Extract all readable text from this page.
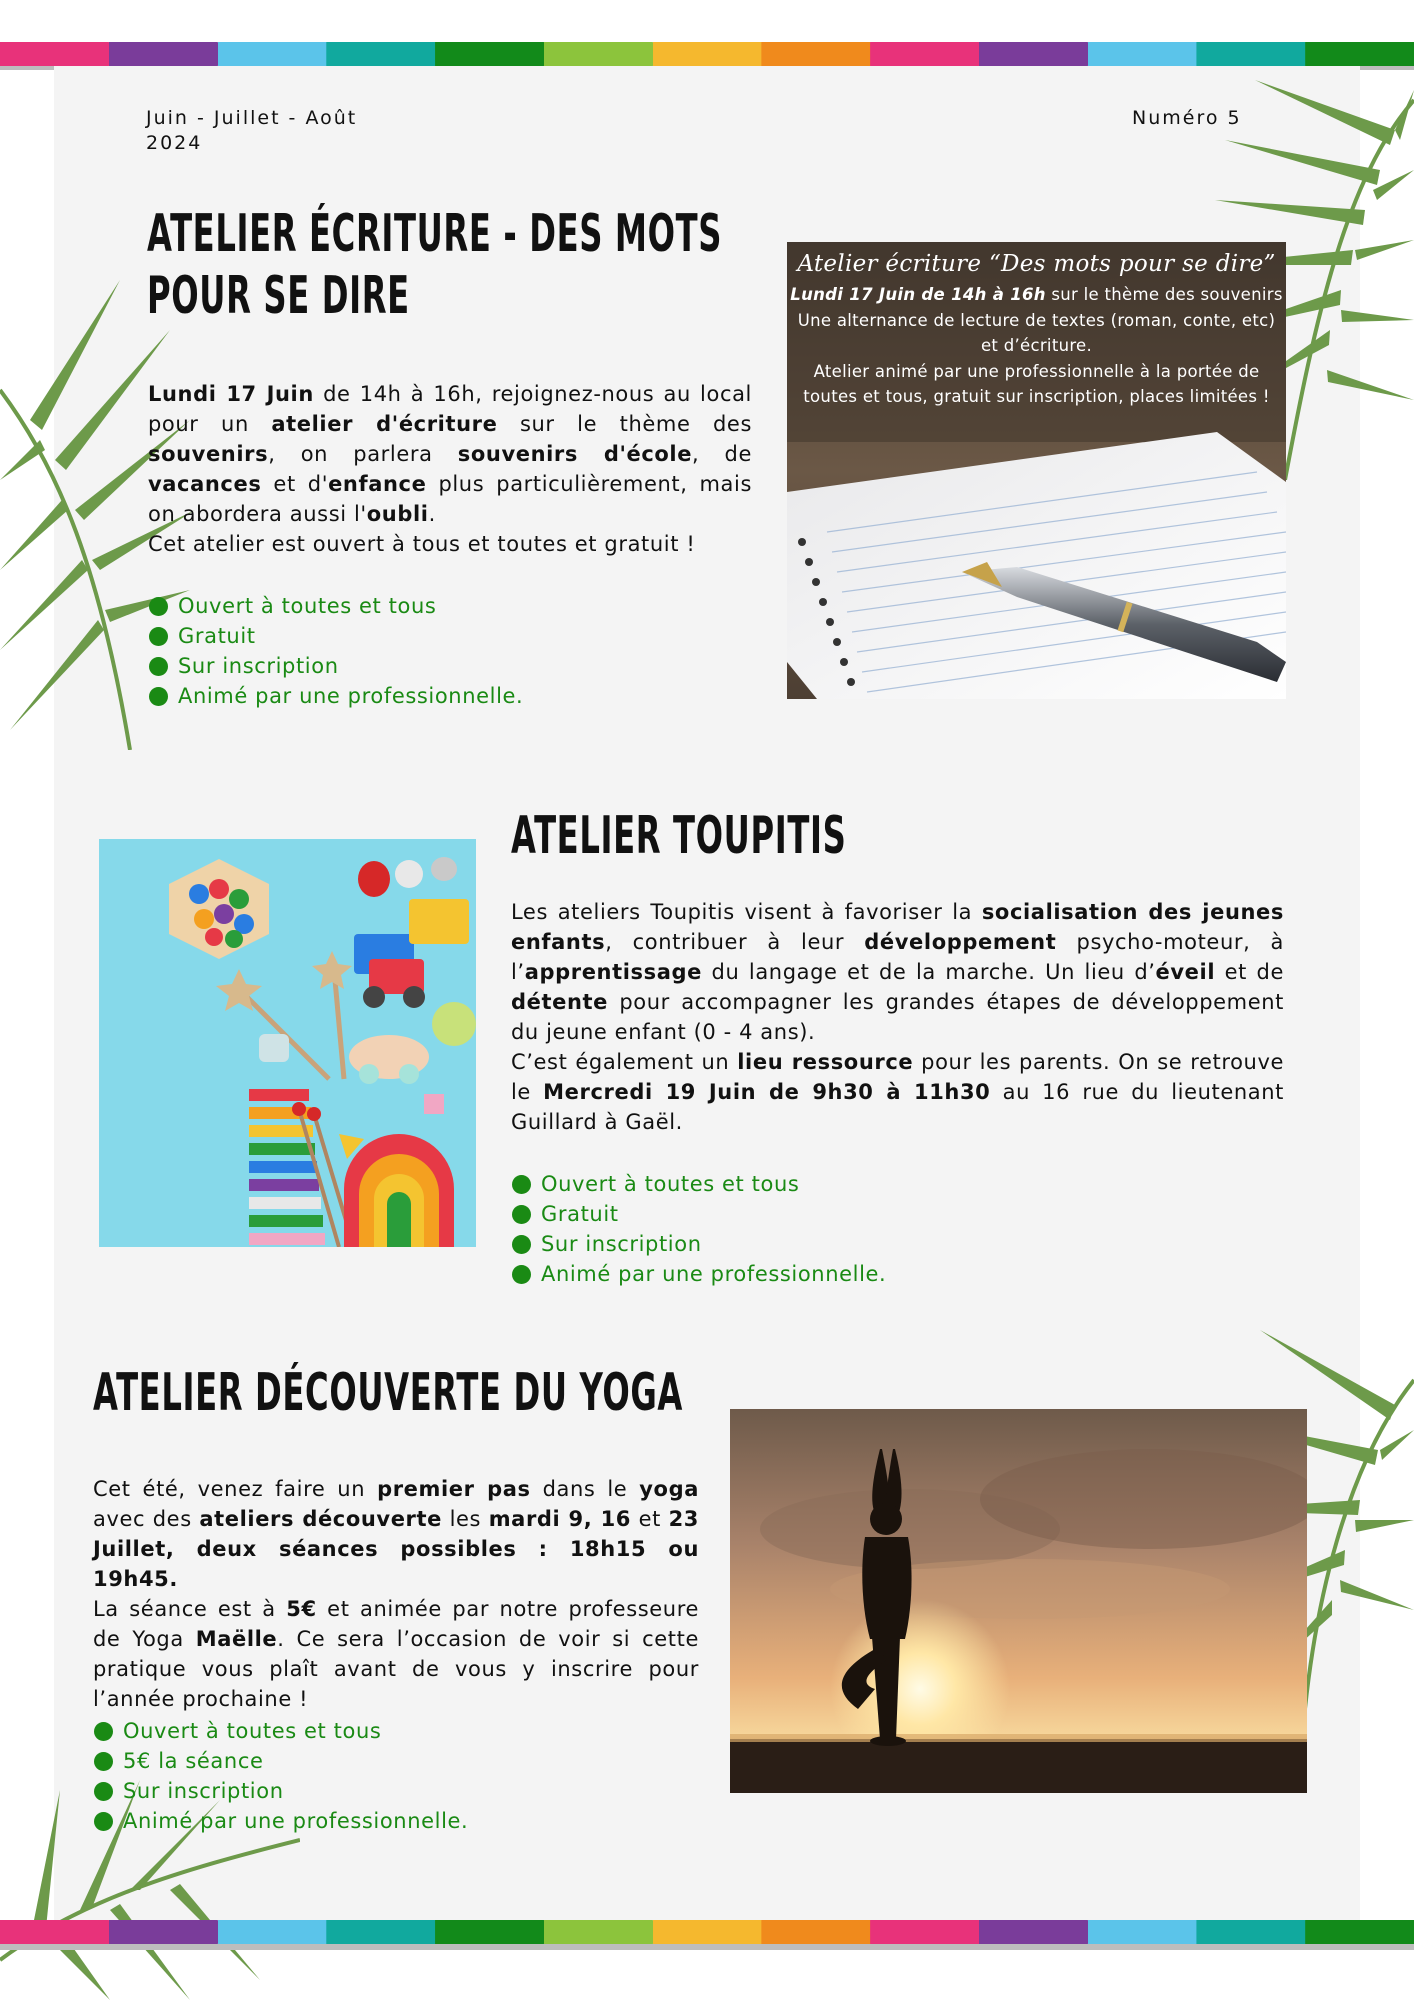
Juin - Juillet - Août
2024
Numéro 5
ATELIER ÉCRITURE - DES MOTS
POUR SE DIRE
Lundi 17 Juin de 14h à 16h, rejoignez-nous au local pour un atelier d'écriture sur le thème des souvenirs, on parlera souvenirs d'école, de vacances et d'enfance plus particulièrement, mais on abordera aussi l'oubli.
Cet atelier est ouvert à tous et toutes et gratuit !
Ouvert à toutes et tous
Gratuit
Sur inscription
Animé par une professionnelle.
Atelier écriture “Des mots pour se dire”
Lundi 17 Juin de 14h à 16h sur le thème des souvenirs
Une alternance de lecture de textes (roman, conte, etc) et d’écriture.
Atelier animé par une professionnelle à la portée de toutes et tous, gratuit sur inscription, places limitées !
ATELIER TOUPITIS
Les ateliers Toupitis visent à favoriser la socialisation des jeunes enfants, contribuer à leur développement psycho-moteur, à l’apprentissage du langage et de la marche. Un lieu d’éveil et de détente pour accompagner les grandes étapes de développement du jeune enfant (0 - 4 ans).
C’est également un lieu ressource pour les parents. On se retrouve le Mercredi 19 Juin de 9h30 à 11h30 au 16 rue du lieutenant Guillard à Gaël.
Ouvert à toutes et tous
Gratuit
Sur inscription
Animé par une professionnelle.
ATELIER DÉCOUVERTE DU YOGA
Cet été, venez faire un premier pas dans le yoga avec des ateliers découverte les mardi 9, 16 et 23 Juillet, deux séances possibles : 18h15 ou 19h45.
La séance est à 5€ et animée par notre professeure de Yoga Maëlle. Ce sera l’occasion de voir si cette pratique vous plaît avant de vous y inscrire pour l’année prochaine !
Ouvert à toutes et tous
5€ la séance
Sur inscription
Animé par une professionnelle.
